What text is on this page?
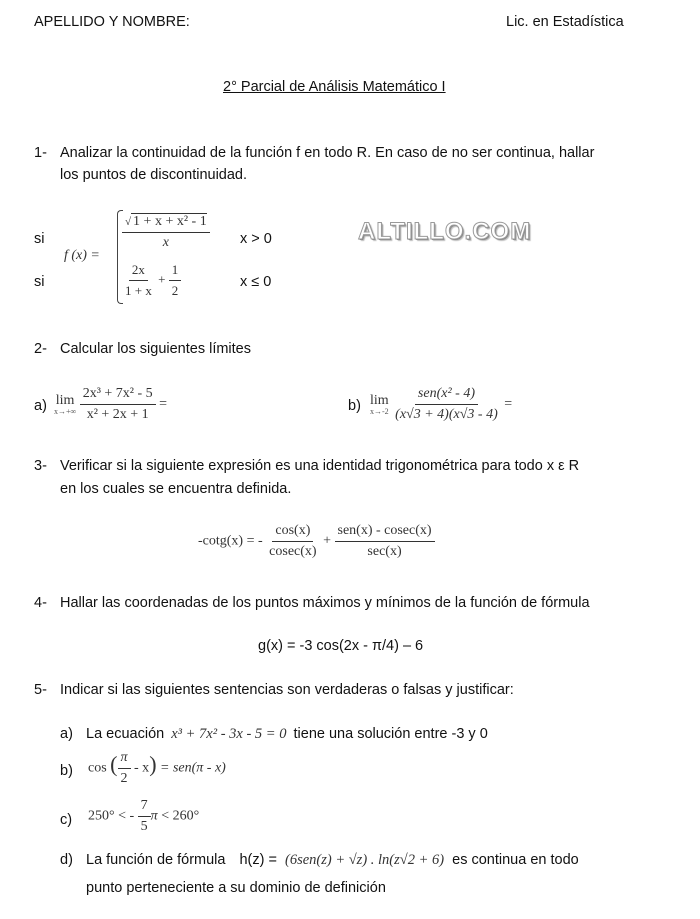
APELLIDO Y NOMBRE:	Lic. en Estadística
2° Parcial de Análisis Matemático I
1- Analizar la continuidad de la función f en todo R. En caso de no ser continua, hallar
los puntos de discontinuidad.
si
si
f (x) =
$\frac{\text{√ 1 + x + x² - 1}}{x}$ x > 0
$\frac{2x}{1 + x} + \frac{1}{2}$	x ≤ 0
ALTILLO.COM
2- Calcular los siguientes límites
a) lim
x→+∞
$\frac{\text{2x³ + 7x² - 5}}{\text{x² + 2x + 1}}$ =	b) lim
x→-2
$\frac{\text{sen(x² - 4)}}{(x√3 + 4)(x√3 - 4)}$ =
3- Verificar si la siguiente expresión es una identidad trigonométrica para todo x ε R
en los cuales se encuentra definida.
-cotg(x) = - $\frac{\cos(x)}{cosec(x)} + \frac{\text{sen(x) - cosec(x)}}{\sec(x)}$
4- Hallar las coordenadas de los puntos máximos y mínimos de la función de fórmula
g(x) = -3 cos(2x - π/4) – 6
5- Indicar si las siguientes sentencias son verdaderas o falsas y justificar:
a) La ecuación x³ + 7x² - 3x - 5 = 0 tiene una solución entre -3 y 0
b) cos ( $\frac{\pi}{2} - x) = sen(\pi - x)$
c) 250° < - $\frac{7}{5}$ π < 260°
d) La función de fórmula h(z) = (6sen(z) + √z) . ln(z√2 + 6) es continua en todo
punto perteneciente a su dominio de definición
